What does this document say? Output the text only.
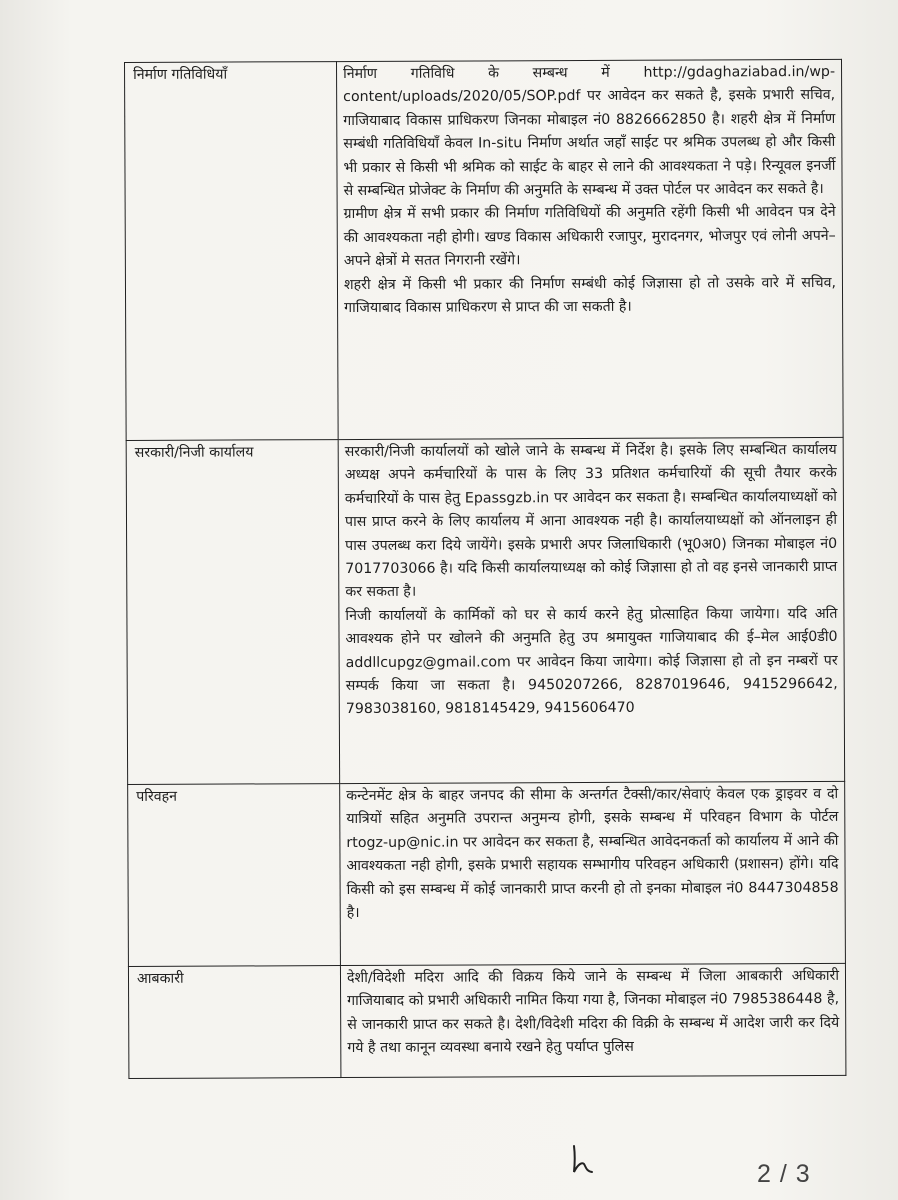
निर्माण गतिविधियाँ	निर्माण गतिविधि के सम्बन्ध में http://gdaghaziabad.in/wp-content/uploads/2020/05/SOP.pdf पर आवेदन कर सकते है, इसके प्रभारी सचिव, गाजियाबाद विकास प्राधिकरण जिनका मोबाइल नं0 8826662850 है। शहरी क्षेत्र में निर्माण सम्बंधी गतिविधियाँ केवल In-situ निर्माण अर्थात जहाँ साईट पर श्रमिक उपलब्ध हो और किसी भी प्रकार से किसी भी श्रमिक को साईट के बाहर से लाने की आवश्यकता ने पड़े। रिन्यूवल इनर्जी से सम्बन्धित प्रोजेक्ट के निर्माण की अनुमति के सम्बन्ध में उक्त पोर्टल पर आवेदन कर सकते है।
ग्रामीण क्षेत्र में सभी प्रकार की निर्माण गतिविधियों की अनुमति रहेंगी किसी भी आवेदन पत्र देने की आवश्यकता नही होगी। खण्ड विकास अधिकारी रजापुर, मुरादनगर, भोजपुर एवं लोनी अपने–अपने क्षेत्रों मे सतत निगरानी रखेंगे।
शहरी क्षेत्र में किसी भी प्रकार की निर्माण सम्बंधी कोई जिज्ञासा हो तो उसके वारे में सचिव, गाजियाबाद विकास प्राधिकरण से प्राप्त की जा सकती है।

सरकारी/निजी कार्यालय	सरकारी/निजी कार्यालयों को खोले जाने के सम्बन्ध में निर्देश है। इसके लिए सम्बन्धित कार्यालय अध्यक्ष अपने कर्मचारियों के पास के लिए 33 प्रतिशत कर्मचारियों की सूची तैयार करके कर्मचारियों के पास हेतु Epassgzb.in पर आवेदन कर सकता है। सम्बन्धित कार्यालयाध्यक्षों को पास प्राप्त करने के लिए कार्यालय में आना आवश्यक नही है। कार्यालयाध्यक्षों को ऑनलाइन ही पास उपलब्ध करा दिये जायेंगे। इसके प्रभारी अपर जिलाधिकारी (भू0अ0) जिनका मोबाइल नं0 7017703066 है। यदि किसी कार्यालयाध्यक्ष को कोई जिज्ञासा हो तो वह इनसे जानकारी प्राप्त कर सकता है।
निजी कार्यालयों के कार्मिकों को घर से कार्य करने हेतु प्रोत्साहित किया जायेगा। यदि अति आवश्यक होने पर खोलने की अनुमति हेतु उप श्रमायुक्त गाजियाबाद की ई–मेल आई0डी0 addllcupgz@gmail.com पर आवेदन किया जायेगा। कोई जिज्ञासा हो तो इन नम्बरों पर सम्पर्क किया जा सकता है। 9450207266, 8287019646, 9415296642, 7983038160, 9818145429, 9415606470

परिवहन	कन्टेनमेंट क्षेत्र के बाहर जनपद की सीमा के अन्तर्गत टैक्सी/कार/सेवाएं केवल एक ड्राइवर व दो यात्रियों सहित अनुमति उपरान्त अनुमन्य होगी, इसके सम्बन्ध में परिवहन विभाग के पोर्टल rtogz-up@nic.in पर आवेदन कर सकता है, सम्बन्धित आवेदनकर्ता को कार्यालय में आने की आवश्यकता नही होगी, इसके प्रभारी सहायक सम्भागीय परिवहन अधिकारी (प्रशासन) होंगे। यदि किसी को इस सम्बन्ध में कोई जानकारी प्राप्त करनी हो तो इनका मोबाइल नं0 8447304858 है।

आबकारी	देशी/विदेशी मदिरा आदि की विक्रय किये जाने के सम्बन्ध में जिला आबकारी अधिकारी गाजियाबाद को प्रभारी अधिकारी नामित किया गया है, जिनका मोबाइल नं0 7985386448 है, से जानकारी प्राप्त कर सकते है। देशी/विदेशी मदिरा की विक्री के सम्बन्ध में आदेश जारी कर दिये गये है तथा कानून व्यवस्था बनाये रखने हेतु पर्याप्त पुलिस
2 / 3
